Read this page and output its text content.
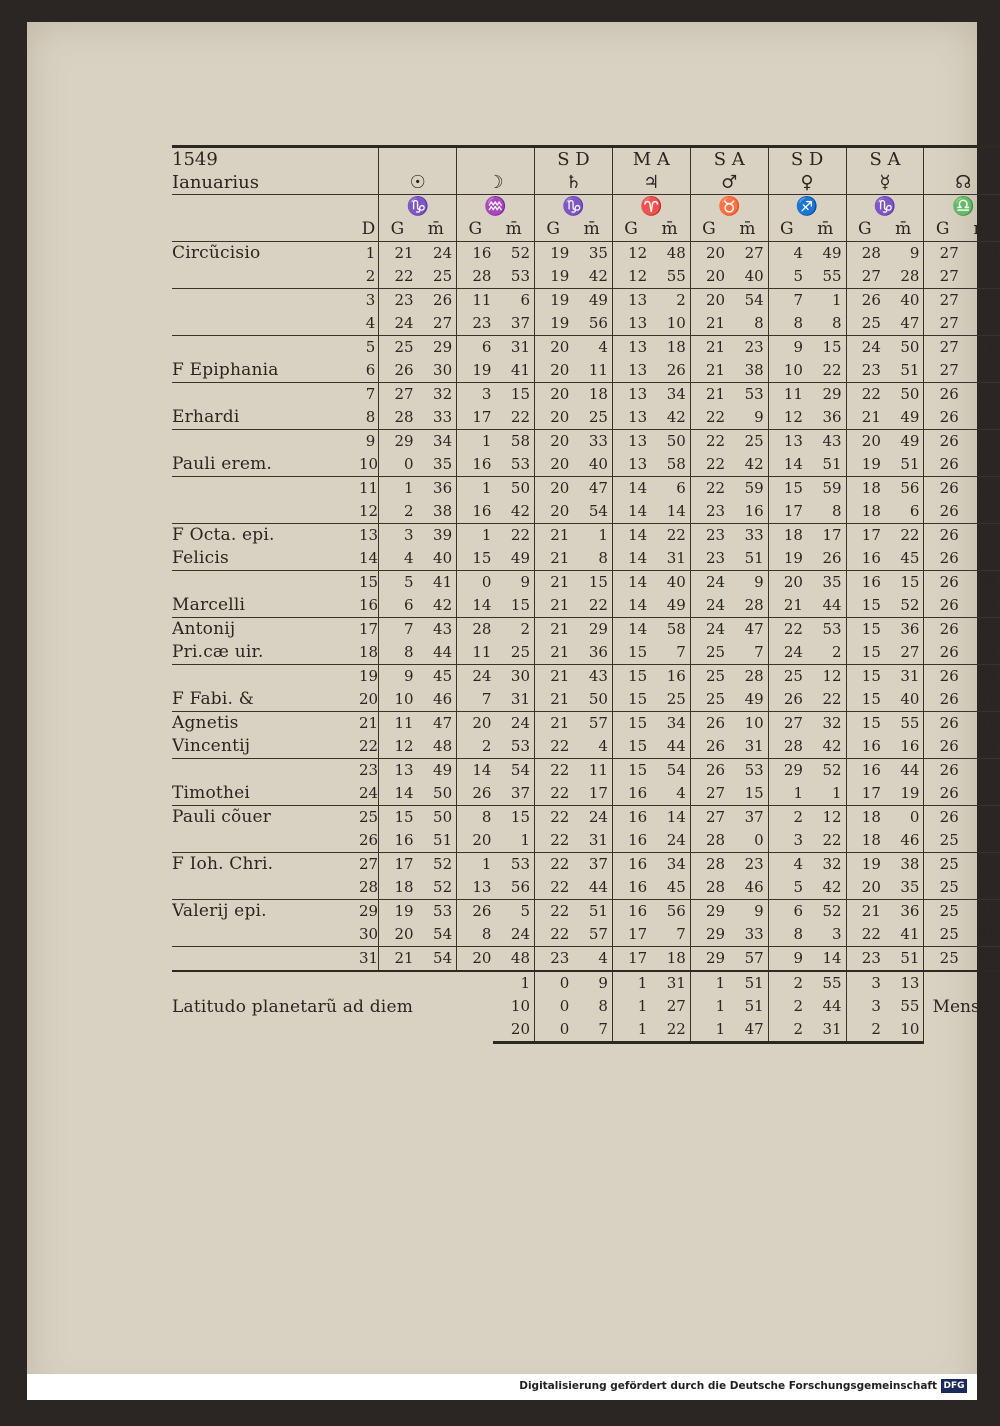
1549						S D		M A		S A		S D		S A			
Ianuarius		☉		☽		♄		♃		♂		♀		☿		☊	
		♑		♒		♑		♈		♉		♐		♑		♎	
D		G	m̄	G	m̄	G	m̄	G	m̄	G	m̄	G	m̄	G	m̄	G	m̄
Circũcisio	1	21	24	16	52	19	35	12	48	20	27	4	49	28	9	27	19
	2	22	25	28	53	19	42	12	55	20	40	5	55	27	28	27	15
	3	23	26	11	6	19	49	13	2	20	54	7	1	26	40	27	12
	4	24	27	23	37	19	56	13	10	21	8	8	8	25	47	27	9
	5	25	29	6	31	20	4	13	18	21	23	9	15	24	50	27	6
F Epiphania	6	26	30	19	41	20	11	13	26	21	38	10	22	23	51	27	3
	7	27	32	3	15	20	18	13	34	21	53	11	29	22	50	26	59
Erhardi	8	28	33	17	22	20	25	13	42	22	9	12	36	21	49	26	56
	9	29	34	1	58	20	33	13	50	22	25	13	43	20	49	26	53
Pauli erem.	10	0	35	16	53	20	40	13	58	22	42	14	51	19	51	26	50
	11	1	36	1	50	20	47	14	6	22	59	15	59	18	56	26	47
	12	2	38	16	42	20	54	14	14	23	16	17	8	18	6	26	43
F Octa. epi.	13	3	39	1	22	21	1	14	22	23	33	18	17	17	22	26	40
Felicis	14	4	40	15	49	21	8	14	31	23	51	19	26	16	45	26	37
	15	5	41	0	9	21	15	14	40	24	9	20	35	16	15	26	34
Marcelli	16	6	42	14	15	21	22	14	49	24	28	21	44	15	52	26	31
Antonij	17	7	43	28	2	21	29	14	58	24	47	22	53	15	36	26	27
Pri.cæ uir.	18	8	44	11	25	21	36	15	7	25	7	24	2	15	27	26	24
	19	9	45	24	30	21	43	15	16	25	28	25	12	15	31	26	21
F Fabi. &	20	10	46	7	31	21	50	15	25	25	49	26	22	15	40	26	18
Agnetis	21	11	47	20	24	21	57	15	34	26	10	27	32	15	55	26	15
Vincentij	22	12	48	2	53	22	4	15	44	26	31	28	42	16	16	26	11
	23	13	49	14	54	22	11	15	54	26	53	29	52	16	44	26	8
Timothei	24	14	50	26	37	22	17	16	4	27	15	1	1	17	19	26	5
Pauli cõuer	25	15	50	8	15	22	24	16	14	27	37	2	12	18	0	26	2
	26	16	51	20	1	22	31	16	24	28	0	3	22	18	46	25	59
F Ioh. Chri.	27	17	52	1	53	22	37	16	34	28	23	4	32	19	38	25	55
	28	18	52	13	56	22	44	16	45	28	46	5	42	20	35	25	52
Valerij epi.	29	19	53	26	5	22	51	16	56	29	9	6	52	21	36	25	49
	30	20	54	8	24	22	57	17	7	29	33	8	3	22	41	25	46
	31	21	54	20	48	23	4	17	18	29	57	9	14	23	51	25	43
Latitudo planetarũ ad diem					1	0	9	1	31	1	51	2	55	3	13	Mensis	
					10	0	8	1	27	1	51	2	44	3	55		
					20	0	7	1	22	1	47	2	31	2	10		
Digitalisierung gefördert durch die Deutsche Forschungsgemeinschaft DFG
